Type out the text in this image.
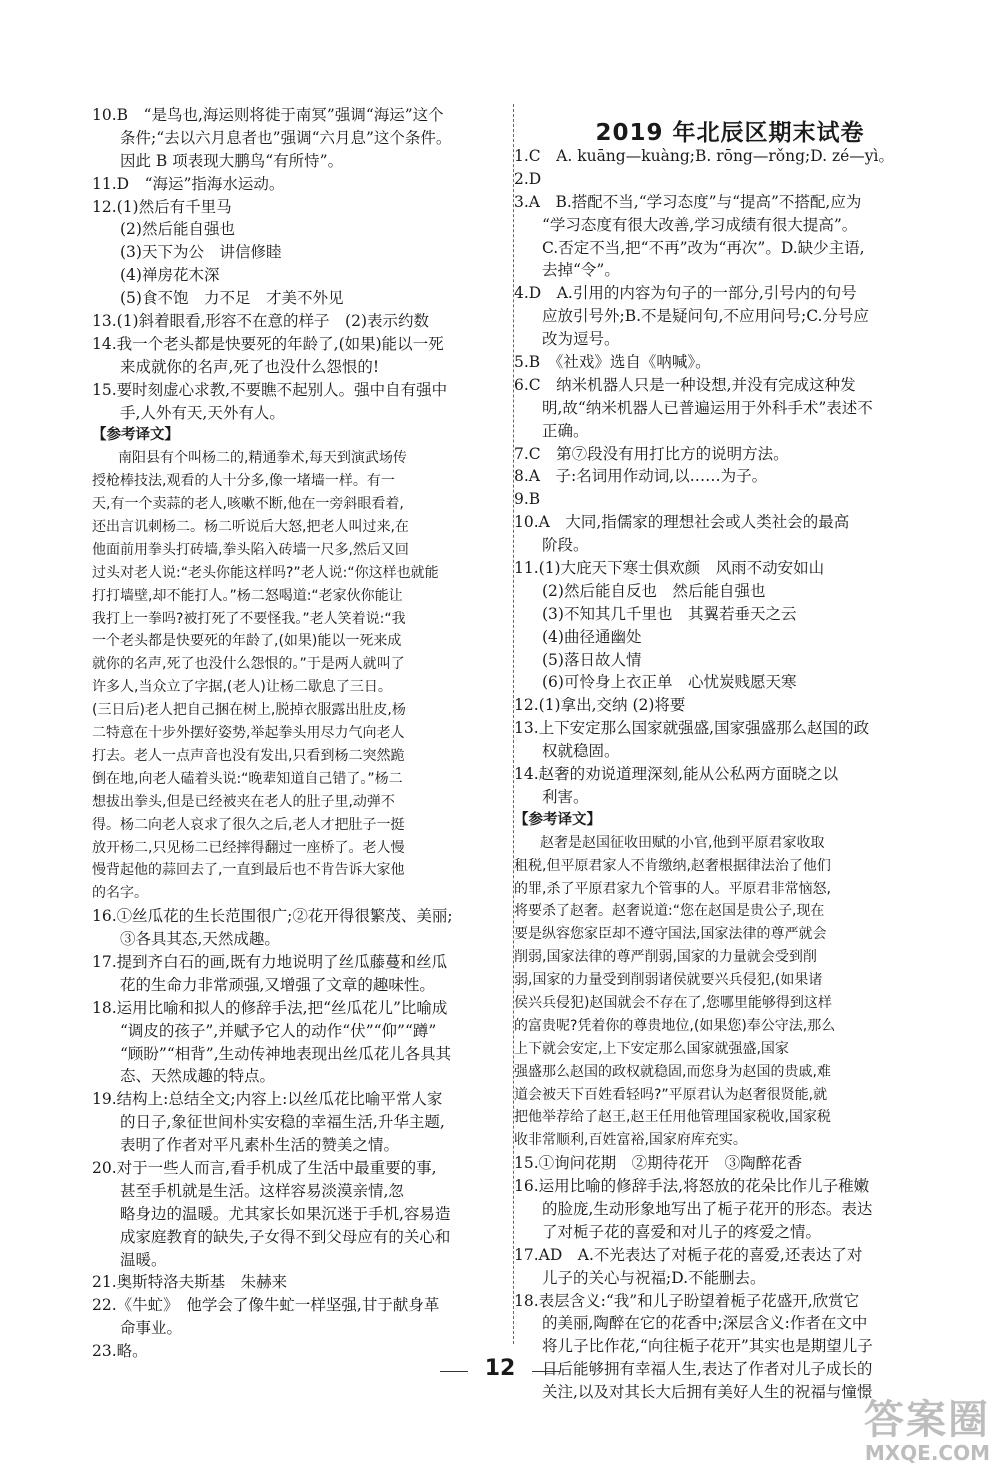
10.B　“是鸟也,海运则将徙于南冥”强调“海运”这个
条件;“去以六月息者也”强调“六月息”这个条件。
因此 B 项表现大鹏鸟“有所恃”。
11.D　“海运”指海水运动。
12.(1)然后有千里马
(2)然后能自强也
(3)天下为公　讲信修睦
(4)禅房花木深
(5)食不饱　力不足　才美不外见
13.(1)斜着眼看,形容不在意的样子　(2)表示约数
14.我一个老头都是快要死的年龄了,(如果)能以一死
来成就你的名声,死了也没什么怨恨的!
15.要时刻虚心求教,不要瞧不起别人。强中自有强中
手,人外有天,天外有人。
【参考译文】
南阳县有个叫杨二的,精通拳术,每天到演武场传
授枪棒技法,观看的人十分多,像一堵墙一样。有一
天,有一个卖蒜的老人,咳嗽不断,他在一旁斜眼看着,
还出言讥刺杨二。杨二听说后大怒,把老人叫过来,在
他面前用拳头打砖墙,拳头陷入砖墙一尺多,然后又回
过头对老人说:“老头你能这样吗?”老人说:“你这样也就能
打打墙壁,却不能打人。”杨二怒喝道:“老家伙你能让
我打上一拳吗?被打死了不要怪我。”老人笑着说:“我
一个老头都是快要死的年龄了,(如果)能以一死来成
就你的名声,死了也没什么怨恨的。”于是两人就叫了
许多人,当众立了字据,(老人)让杨二歇息了三日。
(三日后)老人把自己捆在树上,脱掉衣服露出肚皮,杨
二特意在十步外摆好姿势,举起拳头用尽力气向老人
打去。老人一点声音也没有发出,只看到杨二突然跪
倒在地,向老人磕着头说:“晚辈知道自己错了。”杨二
想拔出拳头,但是已经被夹在老人的肚子里,动弹不
得。杨二向老人哀求了很久之后,老人才把肚子一挺
放开杨二,只见杨二已经摔得翻过一座桥了。老人慢
慢背起他的蒜回去了,一直到最后也不肯告诉大家他
的名字。
16.①丝瓜花的生长范围很广;②花开得很繁茂、美丽;
③各具其态,天然成趣。
17.提到齐白石的画,既有力地说明了丝瓜藤蔓和丝瓜
花的生命力非常顽强,又增强了文章的趣味性。
18.运用比喻和拟人的修辞手法,把“丝瓜花儿”比喻成
“调皮的孩子”,并赋予它人的动作“伏”“仰”“蹲”
“顾盼”“相背”,生动传神地表现出丝瓜花儿各具其
态、天然成趣的特点。
19.结构上:总结全文;内容上:以丝瓜花比喻平常人家
的日子,象征世间朴实安稳的幸福生活,升华主题,
表明了作者对平凡素朴生活的赞美之情。
20.对于一些人而言,看手机成了生活中最重要的事,
甚至手机就是生活。这样容易淡漠亲情,忽
略身边的温暖。尤其家长如果沉迷于手机,容易造
成家庭教育的缺失,子女得不到父母应有的关心和
温暖。
21.奥斯特洛夫斯基　朱赫来
22.《牛虻》　他学会了像牛虻一样坚强,甘于献身革
命事业。
23.略。
2019 年北辰区期末试卷
1.C　A. kuāng—kuàng;B. rōng—rǒng;D. zé—yì。
2.D
3.A　B.搭配不当,“学习态度”与“提高”不搭配,应为
“学习态度有很大改善,学习成绩有很大提高”。
C.否定不当,把“不再”改为“再次”。D.缺少主语,
去掉“令”。
4.D　A.引用的内容为句子的一部分,引号内的句号
应放引号外;B.不是疑问句,不应用问号;C.分号应
改为逗号。
5.B　《社戏》选自《呐喊》。
6.C　纳米机器人只是一种设想,并没有完成这种发
明,故“纳米机器人已普遍运用于外科手术”表述不
正确。
7.C　第⑦段没有用打比方的说明方法。
8.A　子:名词用作动词,以……为子。
9.B
10.A　大同,指儒家的理想社会或人类社会的最高
阶段。
11.(1)大庇天下寒士俱欢颜　风雨不动安如山
(2)然后能自反也　然后能自强也
(3)不知其几千里也　其翼若垂天之云
(4)曲径通幽处
(5)落日故人情
(6)可怜身上衣正单　心忧炭贱愿天寒
12.(1)拿出,交纳 (2)将要
13.上下安定那么国家就强盛,国家强盛那么赵国的政
权就稳固。
14.赵奢的劝说道理深刻,能从公私两方面晓之以
利害。
【参考译文】
赵奢是赵国征收田赋的小官,他到平原君家收取
租税,但平原君家人不肯缴纳,赵奢根据律法治了他们
的罪,杀了平原君家九个管事的人。平原君非常恼怒,
将要杀了赵奢。赵奢说道:“您在赵国是贵公子,现在
要是纵容您家臣却不遵守国法,国家法律的尊严就会
削弱,国家法律的尊严削弱,国家的力量就会受到削
弱,国家的力量受到削弱诸侯就要兴兵侵犯,(如果诸
侯兴兵侵犯)赵国就会不存在了,您哪里能够得到这样
的富贵呢?凭着你的尊贵地位,(如果您)奉公守法,那么
上下就会安定,上下安定那么国家就强盛,国家
强盛那么赵国的政权就稳固,而您身为赵国的贵戚,难
道会被天下百姓看轻吗?”平原君认为赵奢很贤能,就
把他举荐给了赵王,赵王任用他管理国家税收,国家税
收非常顺利,百姓富裕,国家府库充实。
15.①询问花期　②期待花开　③陶醉花香
16.运用比喻的修辞手法,将怒放的花朵比作儿子稚嫩
的脸庞,生动形象地写出了栀子花开的形态。表达
了对栀子花的喜爱和对儿子的疼爱之情。
17.AD　A.不光表达了对栀子花的喜爱,还表达了对
儿子的关心与祝福;D.不能删去。
18.表层含义:“我”和儿子盼望着栀子花盛开,欣赏它
的美丽,陶醉在它的花香中;深层含义:作者在文中
将儿子比作花,“向往栀子花开”其实也是期望儿子
日后能够拥有幸福人生,表达了作者对儿子成长的
关注,以及对其长大后拥有美好人生的祝福与憧憬
12
答案圈
MXQE.COM
